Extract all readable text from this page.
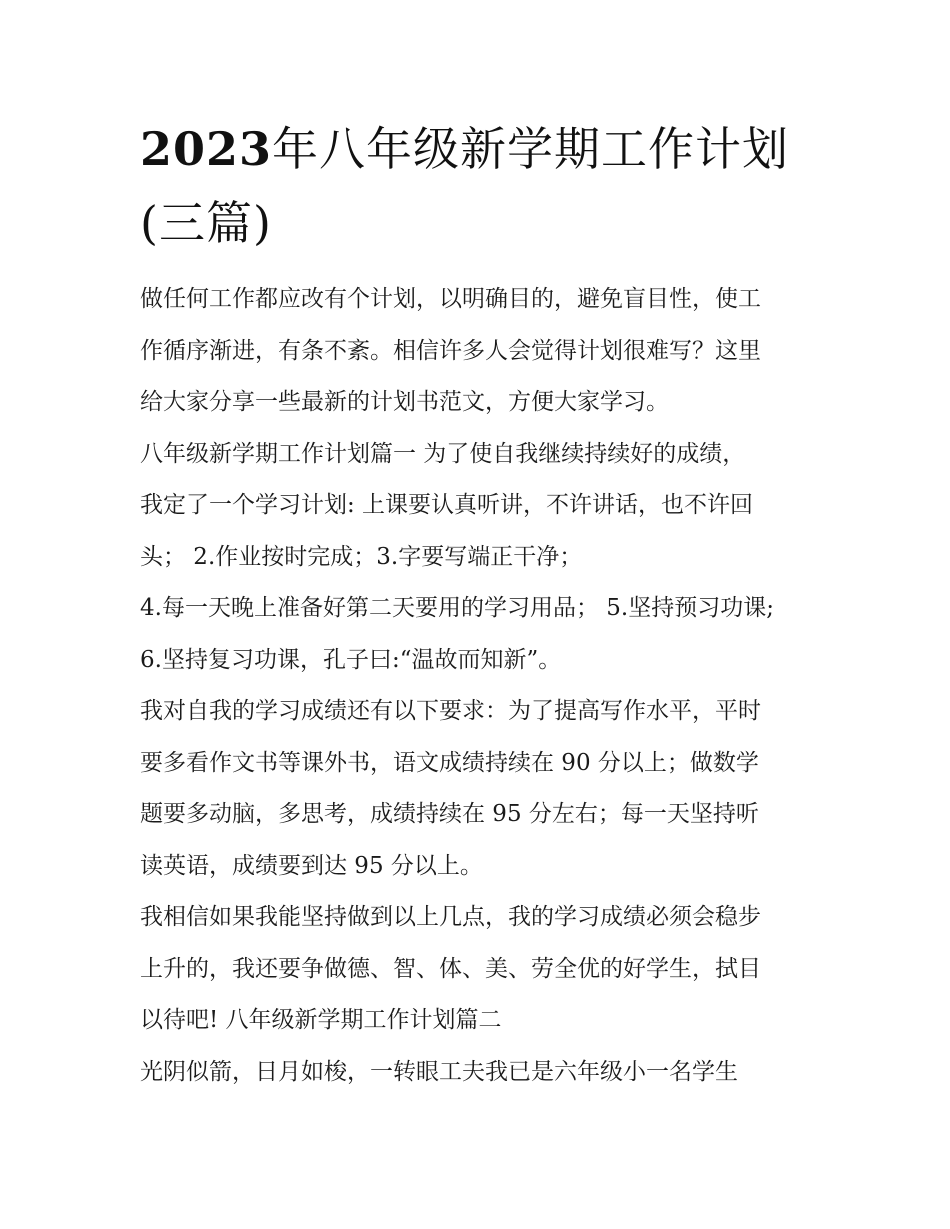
2023年八年级新学期工作计划
(三篇)
做任何工作都应改有个计划，以明确目的，避免盲目性，使工
作循序渐进，有条不紊。相信许多人会觉得计划很难写？这里
给大家分享一些最新的计划书范文，方便大家学习。
八年级新学期工作计划篇一 为了使自我继续持续好的成绩，
我定了一个学习计划: 上课要认真听讲，不许讲话，也不许回
头； 2.作业按时完成；3.字要写端正干净；
4.每一天晚上准备好第二天要用的学习用品； 5.坚持预习功课;
6.坚持复习功课，孔子曰:“温故而知新”。
我对自我的学习成绩还有以下要求：为了提高写作水平，平时
要多看作文书等课外书，语文成绩持续在 90 分以上；做数学
题要多动脑，多思考，成绩持续在 95 分左右；每一天坚持听
读英语，成绩要到达 95 分以上。
我相信如果我能坚持做到以上几点，我的学习成绩必须会稳步
上升的，我还要争做德、智、体、美、劳全优的好学生，拭目
以待吧! 八年级新学期工作计划篇二
光阴似箭，日月如梭，一转眼工夫我已是六年级小一名学生
